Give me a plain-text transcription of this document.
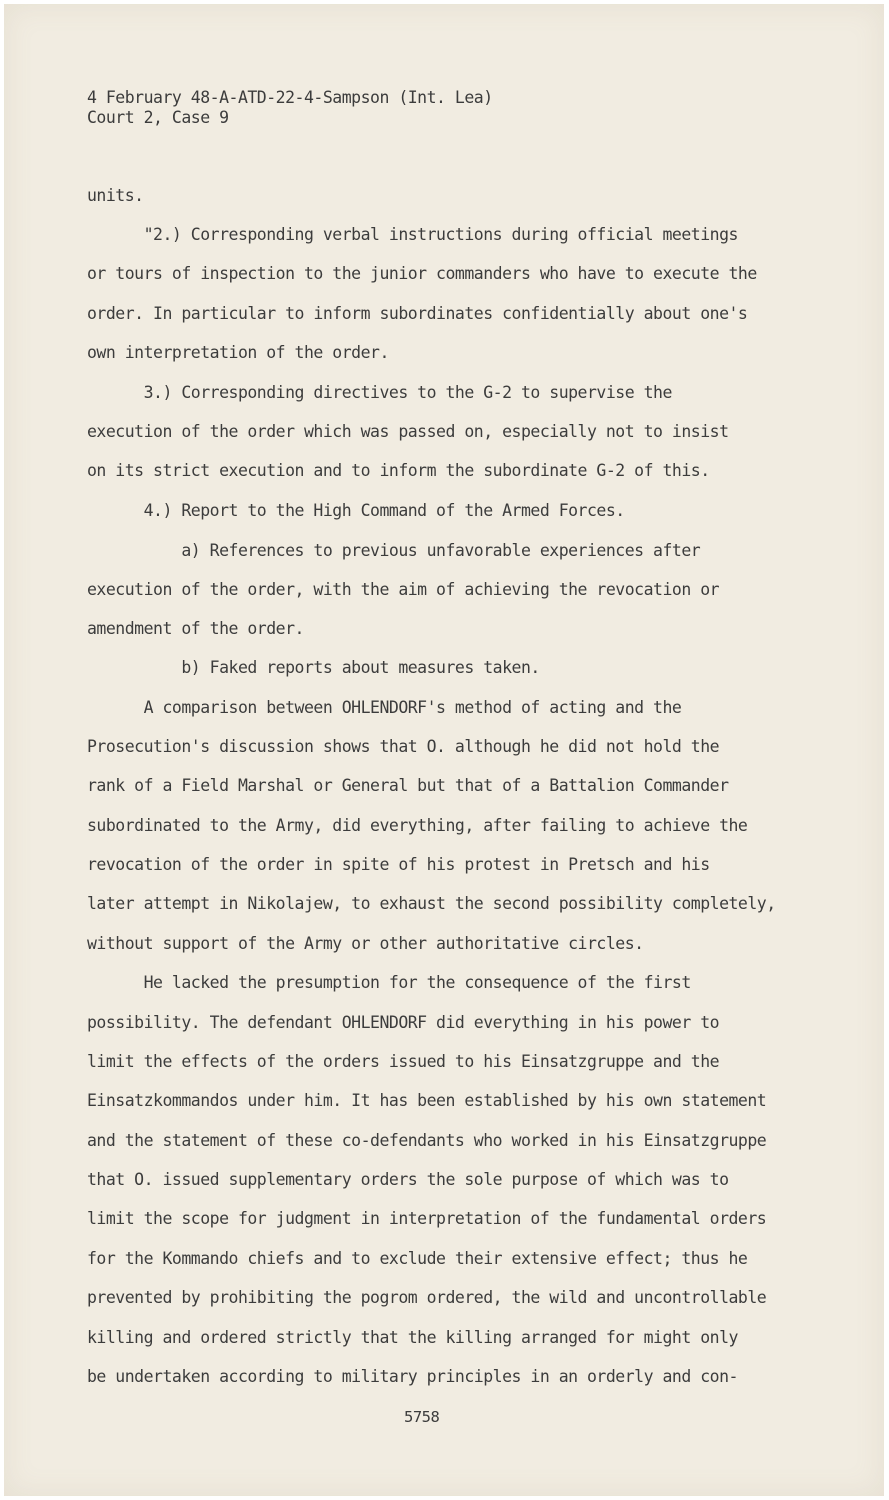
4 February 48-A-ATD-22-4-Sampson (Int. Lea)
Court 2, Case 9
units.
"2.) Corresponding verbal instructions during official meetings
or tours of inspection to the junior commanders who have to execute the
order. In particular to inform subordinates confidentially about one's
own interpretation of the order.
3.) Corresponding directives to the G-2 to supervise the
execution of the order which was passed on, especially not to insist
on its strict execution and to inform the subordinate G-2 of this.
4.) Report to the High Command of the Armed Forces.
a) References to previous unfavorable experiences after
execution of the order, with the aim of achieving the revocation or
amendment of the order.
b) Faked reports about measures taken.
A comparison between OHLENDORF's method of acting and the
Prosecution's discussion shows that O. although he did not hold the
rank of a Field Marshal or General but that of a Battalion Commander
subordinated to the Army, did everything, after failing to achieve the
revocation of the order in spite of his protest in Pretsch and his
later attempt in Nikolajew, to exhaust the second possibility completely,
without support of the Army or other authoritative circles.
He lacked the presumption for the consequence of the first
possibility. The defendant OHLENDORF did everything in his power to
limit the effects of the orders issued to his Einsatzgruppe and the
Einsatzkommandos under him. It has been established by his own statement
and the statement of these co-defendants who worked in his Einsatzgruppe
that O. issued supplementary orders the sole purpose of which was to
limit the scope for judgment in interpretation of the fundamental orders
for the Kommando chiefs and to exclude their extensive effect; thus he
prevented by prohibiting the pogrom ordered, the wild and uncontrollable
killing and ordered strictly that the killing arranged for might only
be undertaken according to military principles in an orderly and con-
5758
